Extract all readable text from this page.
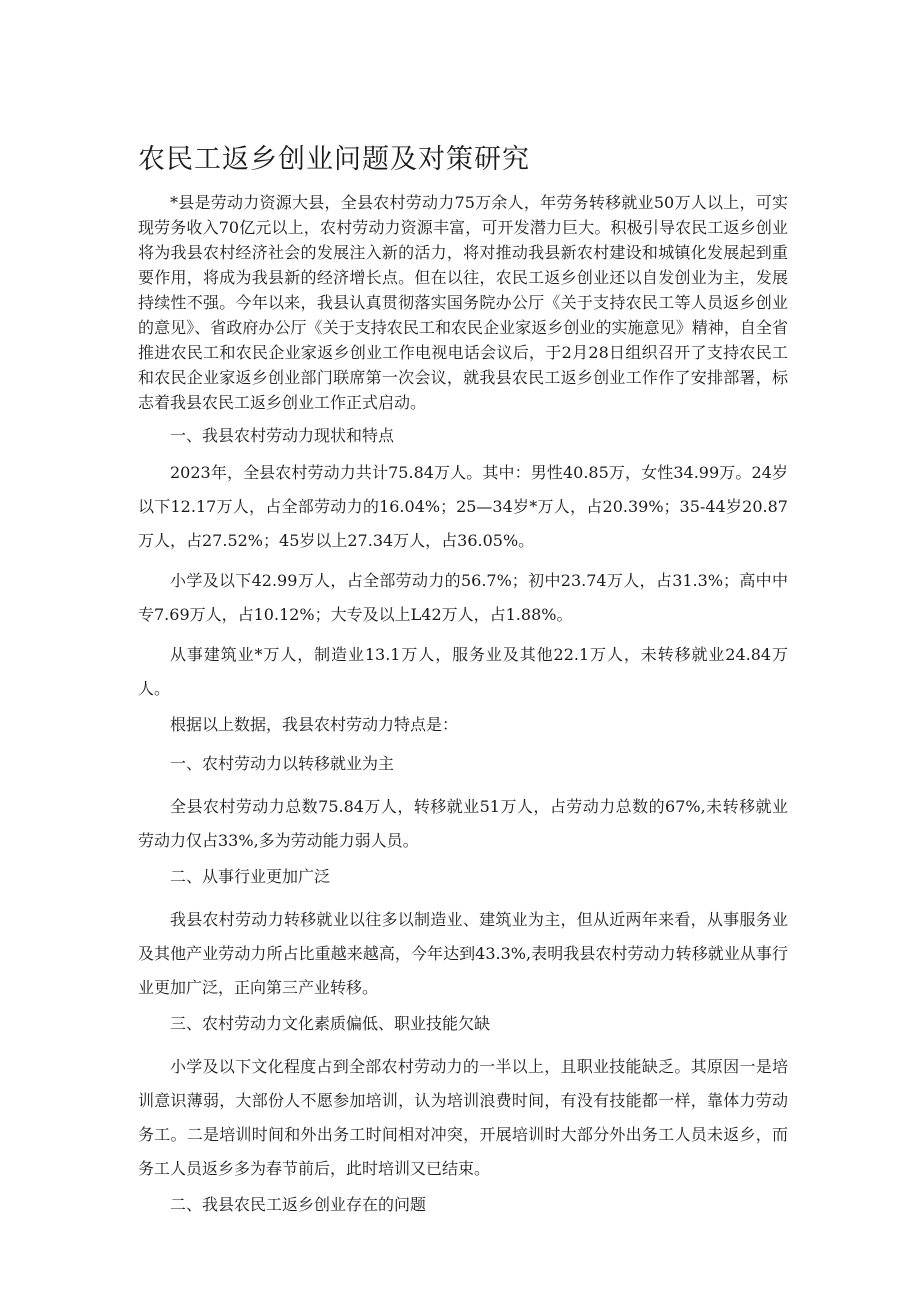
农民工返乡创业问题及对策研究

*县是劳动力资源大县，全县农村劳动力75万余人，年劳务转移就业50万人以上，可实现劳务收入70亿元以上，农村劳动力资源丰富，可开发潜力巨大。积极引导农民工返乡创业将为我县农村经济社会的发展注入新的活力，将对推动我县新农村建设和城镇化发展起到重要作用，将成为我县新的经济增长点。但在以往，农民工返乡创业还以自发创业为主，发展持续性不强。今年以来，我县认真贯彻落实国务院办公厅《关于支持农民工等人员返乡创业的意见》、省政府办公厅《关于支持农民工和农民企业家返乡创业的实施意见》精神，自全省推进农民工和农民企业家返乡创业工作电视电话会议后，于2月28日组织召开了支持农民工和农民企业家返乡创业部门联席第一次会议，就我县农民工返乡创业工作作了安排部署，标志着我县农民工返乡创业工作正式启动。

一、我县农村劳动力现状和特点

2023年，全县农村劳动力共计75.84万人。其中：男性40.85万，女性34.99万。24岁以下12.17万人，占全部劳动力的16.04%；25—34岁*万人，占20.39%；35-44岁20.87万人，占27.52%；45岁以上27.34万人，占36.05%。

小学及以下42.99万人，占全部劳动力的56.7%；初中23.74万人，占31.3%；高中中专7.69万人，占10.12%；大专及以上L42万人，占1.88%。

从事建筑业*万人，制造业13.1万人，服务业及其他22.1万人，未转移就业24.84万人。

根据以上数据，我县农村劳动力特点是：

一、农村劳动力以转移就业为主

全县农村劳动力总数75.84万人，转移就业51万人，占劳动力总数的67%,未转移就业劳动力仅占33%,多为劳动能力弱人员。

二、从事行业更加广泛

我县农村劳动力转移就业以往多以制造业、建筑业为主，但从近两年来看，从事服务业及其他产业劳动力所占比重越来越高，今年达到43.3%,表明我县农村劳动力转移就业从事行业更加广泛，正向第三产业转移。

三、农村劳动力文化素质偏低、职业技能欠缺

小学及以下文化程度占到全部农村劳动力的一半以上，且职业技能缺乏。其原因一是培训意识薄弱，大部份人不愿参加培训，认为培训浪费时间，有没有技能都一样，靠体力劳动务工。二是培训时间和外出务工时间相对冲突，开展培训时大部分外出务工人员未返乡，而务工人员返乡多为春节前后，此时培训又已结束。

二、我县农民工返乡创业存在的问题
